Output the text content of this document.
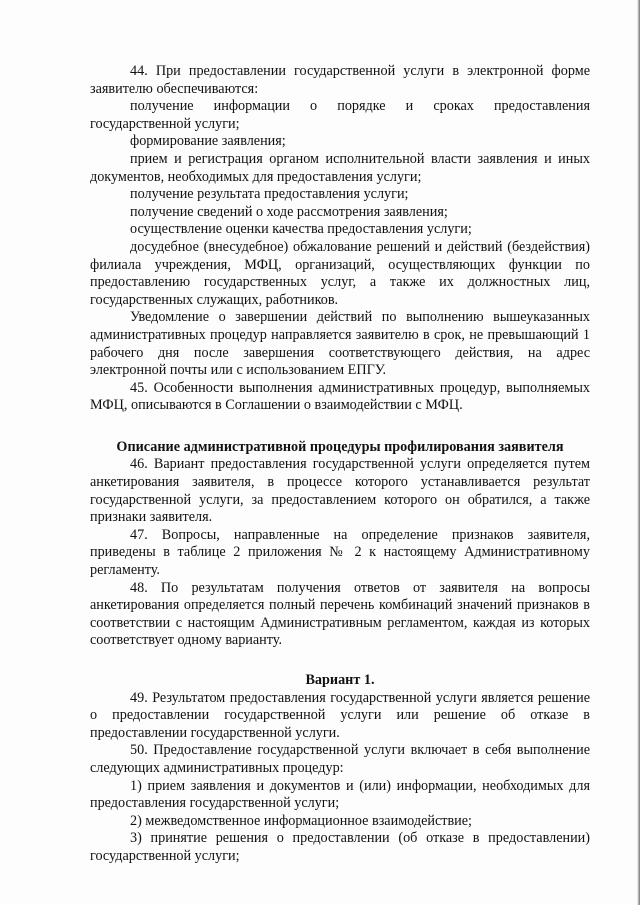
44. При предоставлении государственной услуги в электронной форме заявителю обеспечиваются:

получение информации о порядке и сроках предоставления государственной услуги;

формирование заявления;

прием и регистрация органом исполнительной власти заявления и иных документов, необходимых для предоставления услуги;

получение результата предоставления услуги;

получение сведений о ходе рассмотрения заявления;

осуществление оценки качества предоставления услуги;

досудебное (внесудебное) обжалование решений и действий (бездействия) филиала учреждения, МФЦ, организаций, осуществляющих функции по предоставлению государственных услуг, а также их должностных лиц, государственных служащих, работников.

Уведомление о завершении действий по выполнению вышеуказанных административных процедур направляется заявителю в срок, не превышающий 1 рабочего дня после завершения соответствующего действия, на адрес электронной почты или с использованием ЕПГУ.

45. Особенности выполнения административных процедур, выполняемых МФЦ, описываются в Соглашении о взаимодействии с МФЦ.

Описание административной процедуры профилирования заявителя

46. Вариант предоставления государственной услуги определяется путем анкетирования заявителя, в процессе которого устанавливается результат государственной услуги, за предоставлением которого он обратился, а также признаки заявителя.

47. Вопросы, направленные на определение признаков заявителя, приведены в таблице 2 приложения № 2 к настоящему Административному регламенту.

48. По результатам получения ответов от заявителя на вопросы анкетирования определяется полный перечень комбинаций значений признаков в соответствии с настоящим Административным регламентом, каждая из которых соответствует одному варианту.

Вариант 1.

49. Результатом предоставления государственной услуги является решение о предоставлении государственной услуги или решение об отказе в предоставлении государственной услуги.

50. Предоставление государственной услуги включает в себя выполнение следующих административных процедур:

1) прием заявления и документов и (или) информации, необходимых для предоставления государственной услуги;

2) межведомственное информационное взаимодействие;

3) принятие решения о предоставлении (об отказе в предоставлении) государственной услуги;
